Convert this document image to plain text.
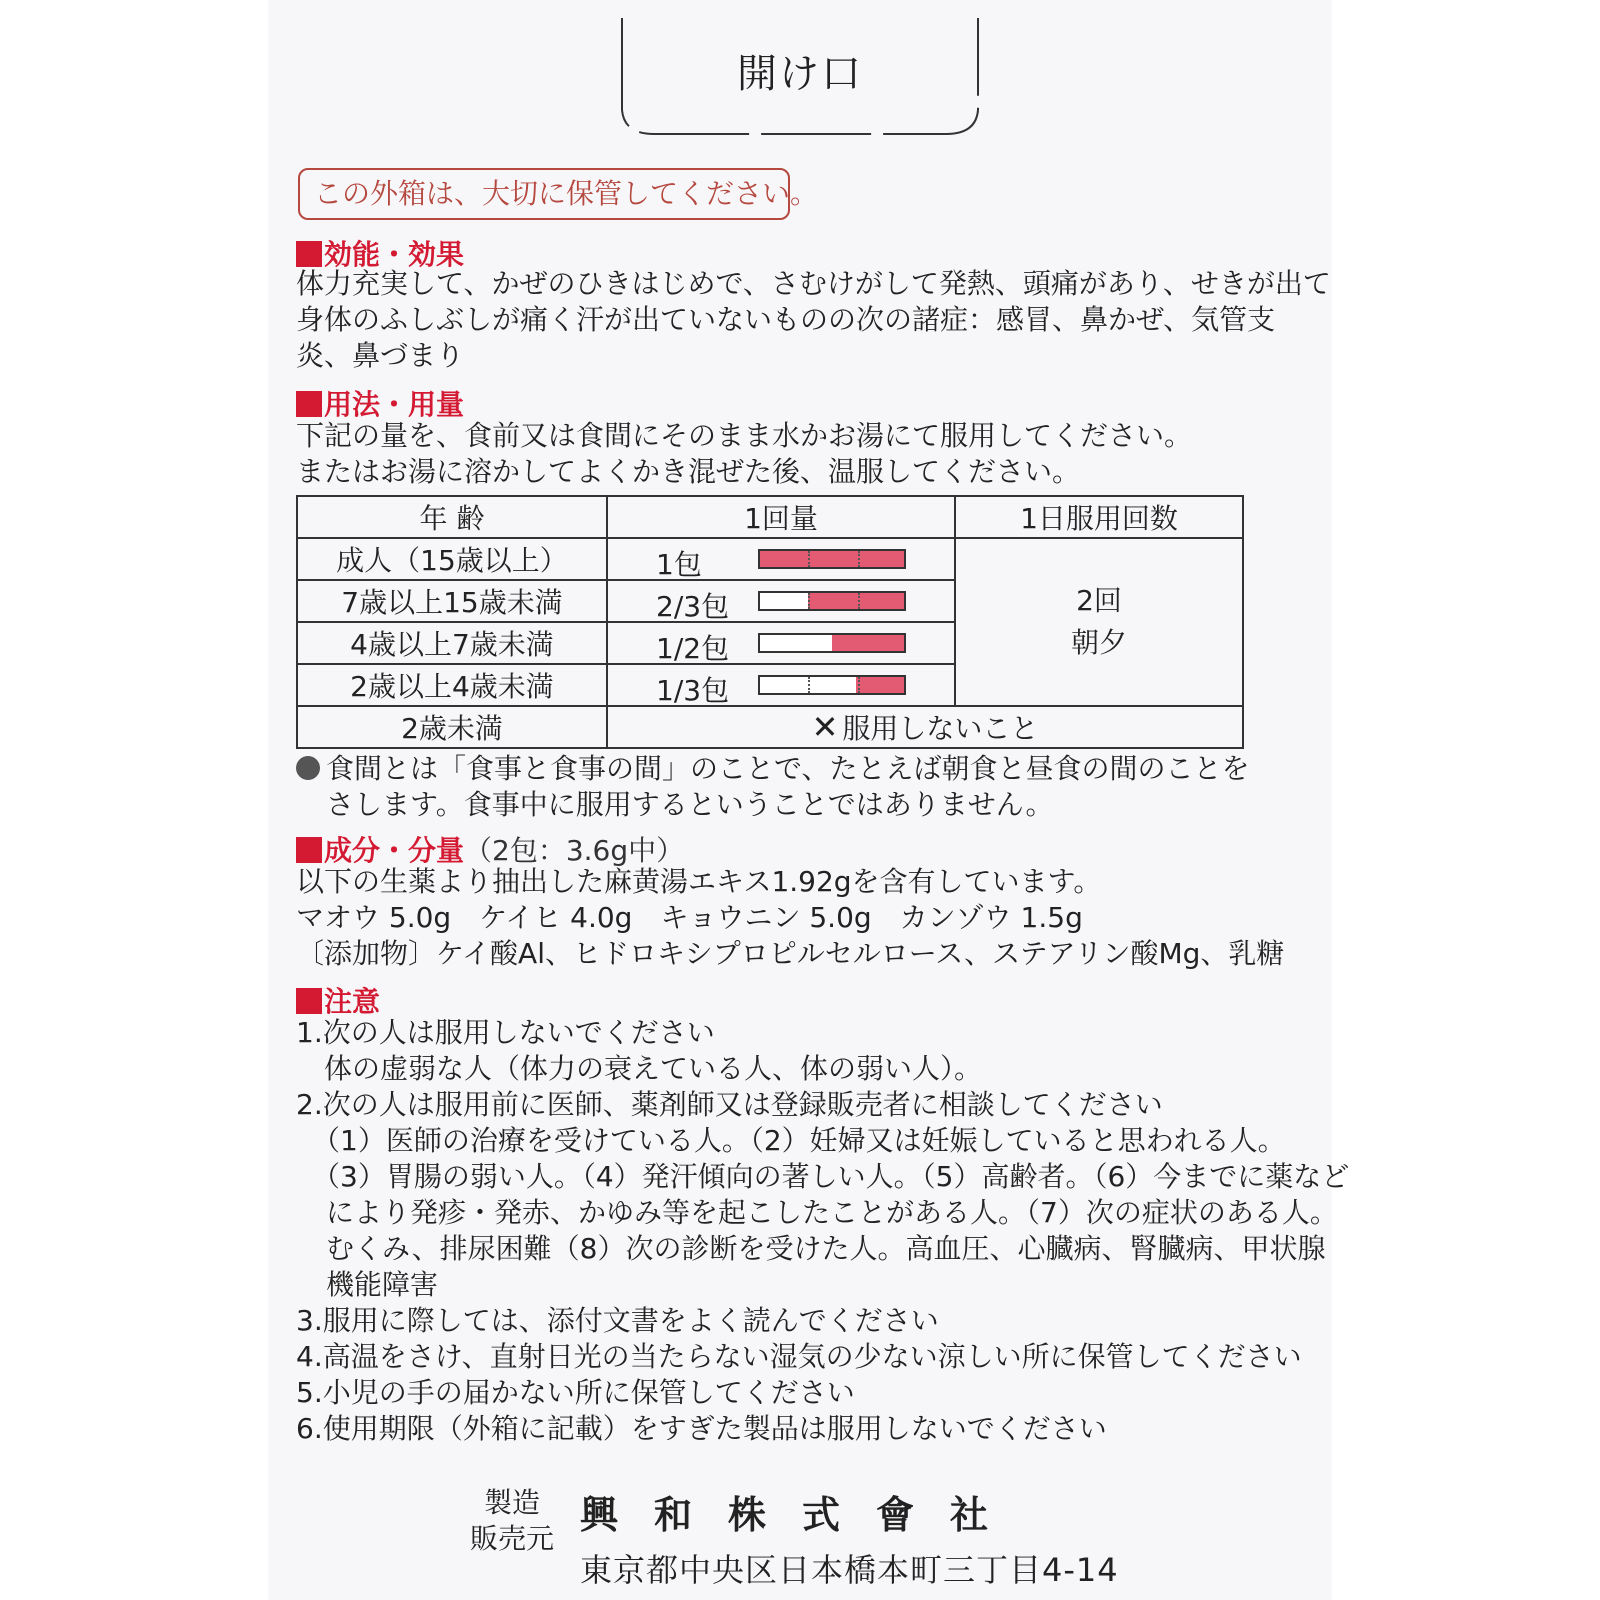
開け口
この外箱は、大切に保管してください。
効能・効果
体力充実して、かぜのひきはじめで、さむけがして発熱、頭痛があり、せきが出て
身体のふしぶしが痛く汗が出ていないものの次の諸症：感冒、鼻かぜ、気管支
炎、鼻づまり
用法・用量
下記の量を、食前又は食間にそのまま水かお湯にて服用してください。
またはお湯に溶かしてよくかき混ぜた後、温服してください。
年 齢	1回量	1日服用回数
成人（15歳以上）	1包	2回
朝夕

7歳以上15歳未満	2/3包	

4歳以上7歳未満	1/2包	

2歳以上4歳未満	1/3包	

2歳未満	✕ 服用しないこと	
食間とは「食事と食事の間」のことで、たとえば朝食と昼食の間のことを
さします。食事中に服用するということではありません。
成分・分量（2包：3.6g中）
以下の生薬より抽出した麻黄湯エキス1.92gを含有しています。
マオウ 5.0g　ケイヒ 4.0g　キョウニン 5.0g　カンゾウ 1.5g
〔添加物〕ケイ酸Al、ヒドロキシプロピルセルロース、ステアリン酸Mg、乳糖
注意
1.次の人は服用しないでください
　体の虚弱な人（体力の衰えている人、体の弱い人）。
2.次の人は服用前に医師、薬剤師又は登録販売者に相談してください
（1）医師の治療を受けている人。（2）妊婦又は妊娠していると思われる人。
（3）胃腸の弱い人。（4）発汗傾向の著しい人。（5）高齢者。（6）今までに薬など
により発疹・発赤、かゆみ等を起こしたことがある人。（7）次の症状のある人。
むくみ、排尿困難（8）次の診断を受けた人。高血圧、心臓病、腎臓病、甲状腺
機能障害
3.服用に際しては、添付文書をよく読んでください
4.高温をさけ、直射日光の当たらない湿気の少ない涼しい所に保管してください
5.小児の手の届かない所に保管してください
6.使用期限（外箱に記載）をすぎた製品は服用しないでください
製造
販売元
興和株式會社
東京都中央区日本橋本町三丁目4-14
